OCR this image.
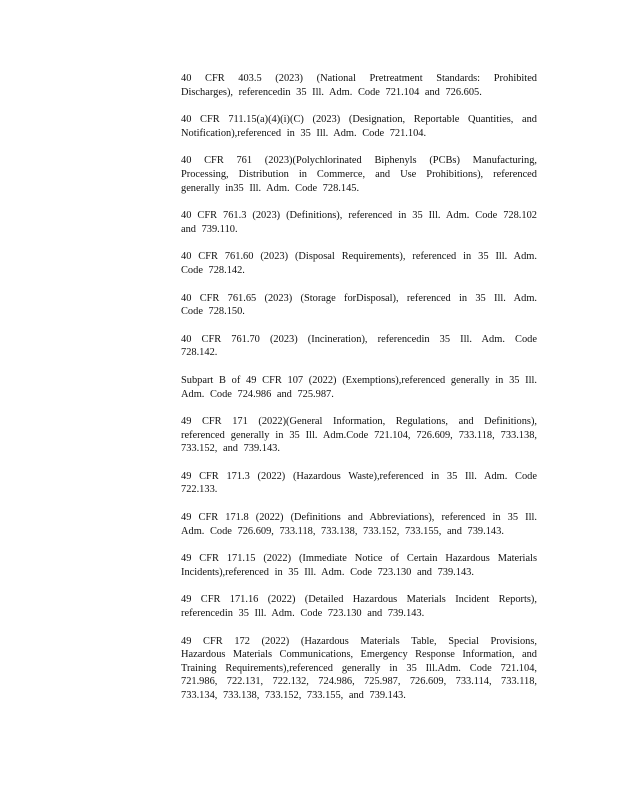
40 CFR 403.5 (2023) (National Pretreatment Standards: Prohibited Discharges), referencedin 35 Ill. Adm. Code 721.104 and 726.605.

40 CFR 711.15(a)(4)(i)(C) (2023) (Designation, Reportable Quantities, and Notification),referenced in 35 Ill. Adm. Code 721.104.

40 CFR 761 (2023)(Polychlorinated Biphenyls (PCBs) Manufacturing, Processing, Distribution in Commerce, and Use Prohibitions), referenced generally in35 Ill. Adm. Code 728.145.

40 CFR 761.3 (2023) (Definitions), referenced in 35 Ill. Adm. Code 728.102 and 739.110.

40 CFR 761.60 (2023) (Disposal Requirements), referenced in 35 Ill. Adm. Code 728.142.

40 CFR 761.65 (2023) (Storage forDisposal), referenced in 35 Ill. Adm. Code 728.150.

40 CFR 761.70 (2023) (Incineration), referencedin 35 Ill. Adm. Code 728.142.

Subpart B of 49 CFR 107 (2022) (Exemptions),referenced generally in 35 Ill. Adm. Code 724.986 and 725.987.

49 CFR 171 (2022)(General Information, Regulations, and Definitions), referenced generally in 35 Ill. Adm.Code 721.104, 726.609, 733.118, 733.138, 733.152, and 739.143.

49 CFR 171.3 (2022) (Hazardous Waste),referenced in 35 Ill. Adm. Code 722.133.

49 CFR 171.8 (2022) (Definitions and Abbreviations), referenced in 35 Ill. Adm. Code 726.609, 733.118, 733.138, 733.152, 733.155, and 739.143.

49 CFR 171.15 (2022) (Immediate Notice of Certain Hazardous Materials Incidents),referenced in 35 Ill. Adm. Code 723.130 and 739.143.

49 CFR 171.16 (2022) (Detailed Hazardous Materials Incident Reports), referencedin 35 Ill. Adm. Code 723.130 and 739.143.

49 CFR 172 (2022) (Hazardous Materials Table, Special Provisions, Hazardous Materials Communications, Emergency Response Information, and Training Requirements),referenced generally in 35 Ill.Adm. Code 721.104, 721.986, 722.131, 722.132, 724.986, 725.987, 726.609, 733.114, 733.118, 733.134, 733.138, 733.152, 733.155, and 739.143.
